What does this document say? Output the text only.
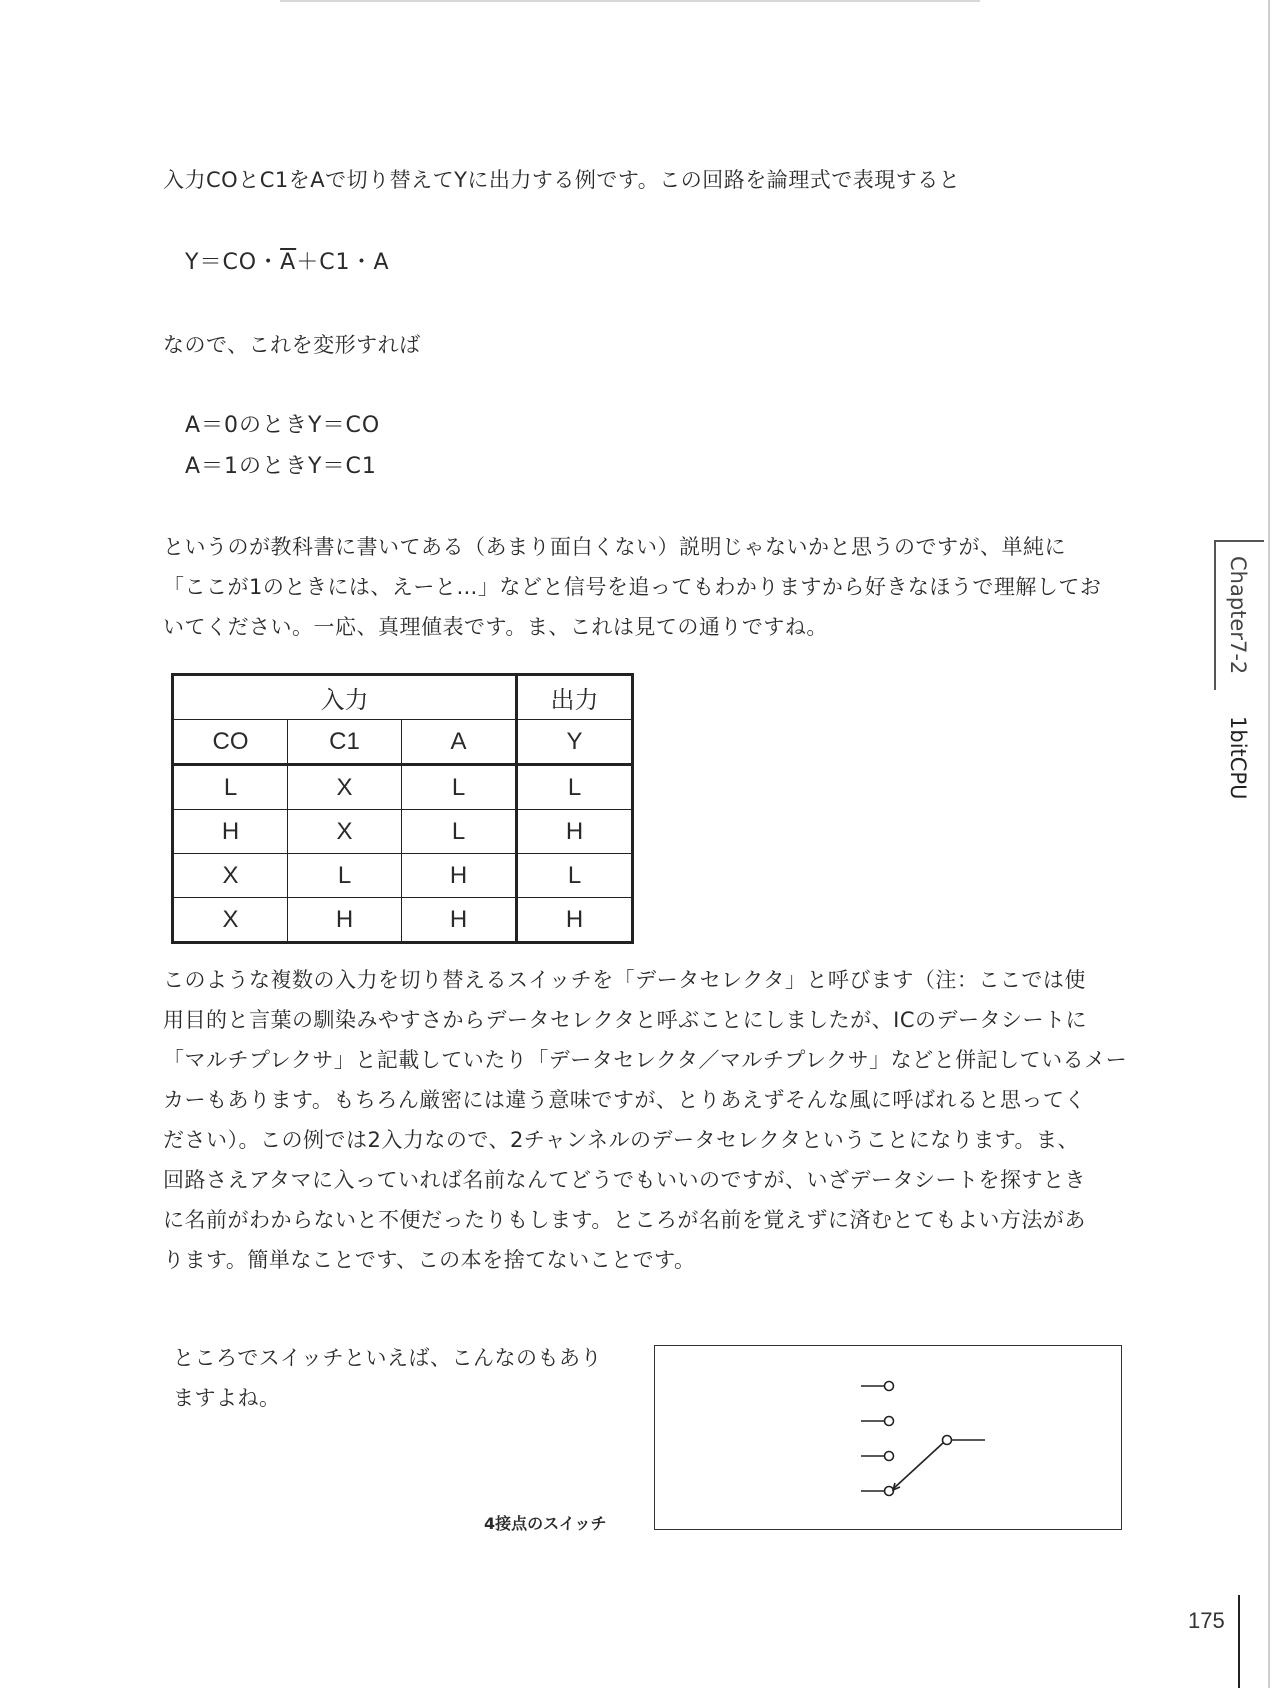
入力COとC1をAで切り替えてYに出力する例です。この回路を論理式で表現すると

Y＝CO・$\overline{A}+C1$・A

なので、これを変形すれば

A＝0のときY＝CO
A＝1のときY＝C1
というのが教科書に書いてある（あまり面白くない）説明じゃないかと思うのですが、単純に
「ここが1のときには、えーと…」などと信号を追ってもわかりますから好きなほうで理解してお
いてください。一応、真理値表です。ま、これは見ての通りですね。
入力			出力
CO	C1	A	Y
L	X	L	L
H	X	L	H
X	L	H	L
X	H	H	H
このような複数の入力を切り替えるスイッチを「データセレクタ」と呼びます（注：ここでは使
用目的と言葉の馴染みやすさからデータセレクタと呼ぶことにしましたが、ICのデータシートに
「マルチプレクサ」と記載していたり「データセレクタ／マルチプレクサ」などと併記しているメー
カーもあります。もちろん厳密には違う意味ですが、とりあえずそんな風に呼ばれると思ってく
ださい）。この例では2入力なので、2チャンネルのデータセレクタということになります。ま、
回路さえアタマに入っていれば名前なんてどうでもいいのですが、いざデータシートを探すとき
に名前がわからないと不便だったりもします。ところが名前を覚えずに済むとてもよい方法があ
ります。簡単なことです、この本を捨てないことです。
ところでスイッチといえば、こんなのもあり
ますよね。
4接点のスイッチ
Chapter7-2
1bitCPU
175
